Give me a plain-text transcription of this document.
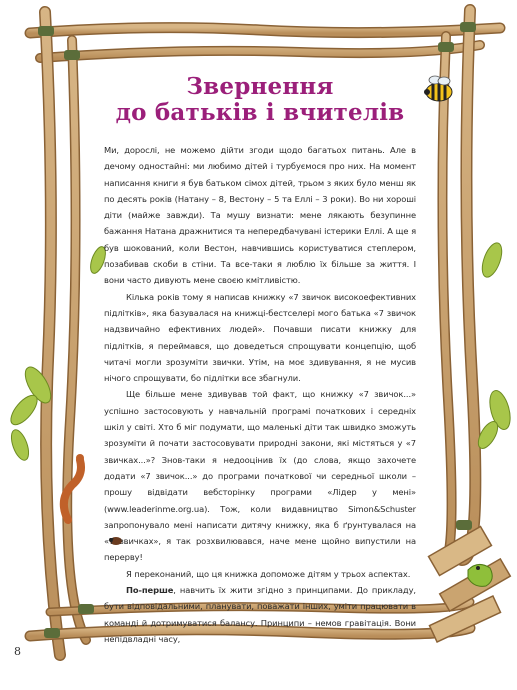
Звернення
до батьків і вчителів

Ми, дорослі, не можемо дійти згоди щодо багатьох питань. Але в дечому одностайні: ми любимо дітей і турбуємося про них. На момент написання книги я був батьком сімох дітей, трьом з яких було менш як по десять років (Натану – 8, Вестону – 5 та Еллі – 3 роки). Во ни хороші діти (майже завжди). Та мушу визнати: мене лякають безупинне бажання Натана дражнитися та непередбачувані істерики Еллі. А ще я був шокований, коли Вестон, навчившись користуватися степлером, позабивав скоби в стіни. Та все-таки я люблю їх більше за життя. І вони часто дивують мене своєю кмітливістю.

Кілька років тому я написав книжку «7 звичок високоефективних підлітків», яка базувалася на книжці-бестселері мого батька «7 звичок надзвичайно ефективних людей». Почавши писати книжку для підлітків, я переймався, що доведеться спрощувати концепцію, щоб читачі могли зрозуміти звички. Утім, на моє здивування, я не мусив нічого спрощувати, бо підлітки все збагнули.

Ще більше мене здивував той факт, що книжку «7 звичок...» успішно застосовують у навчальній програмі початкових і середніх шкіл у світі. Хто б міг подумати, що маленькі діти так швидко зможуть зрозуміти й почати застосовувати природні закони, які містяться у «7 звичках...»? Знов-таки я недооцінив їх (до слова, якщо захочете додати «7 звичок...» до програми початкової чи середньої школи – прошу відвідати вебсторінку програми «Лідер у мені» (www.leaderinme.org.ua). Тож, коли видавництво Simon&Schuster запропонувало мені написати дитячу книжку, яка б ґрунтувалася на «7 звичках», я так розхвилювався, наче мене щойно випустили на перерву!

Я переконаний, що ця книжка допоможе дітям у трьох аспектах.

По-перше, навчить їх жити згідно з принципами. До прикладу, бути відповідальними, планувати, поважати інших, уміти працювати в команді й дотримуватися балансу. Принципи – немов гравітація. Вони непідвладні часу,

8
